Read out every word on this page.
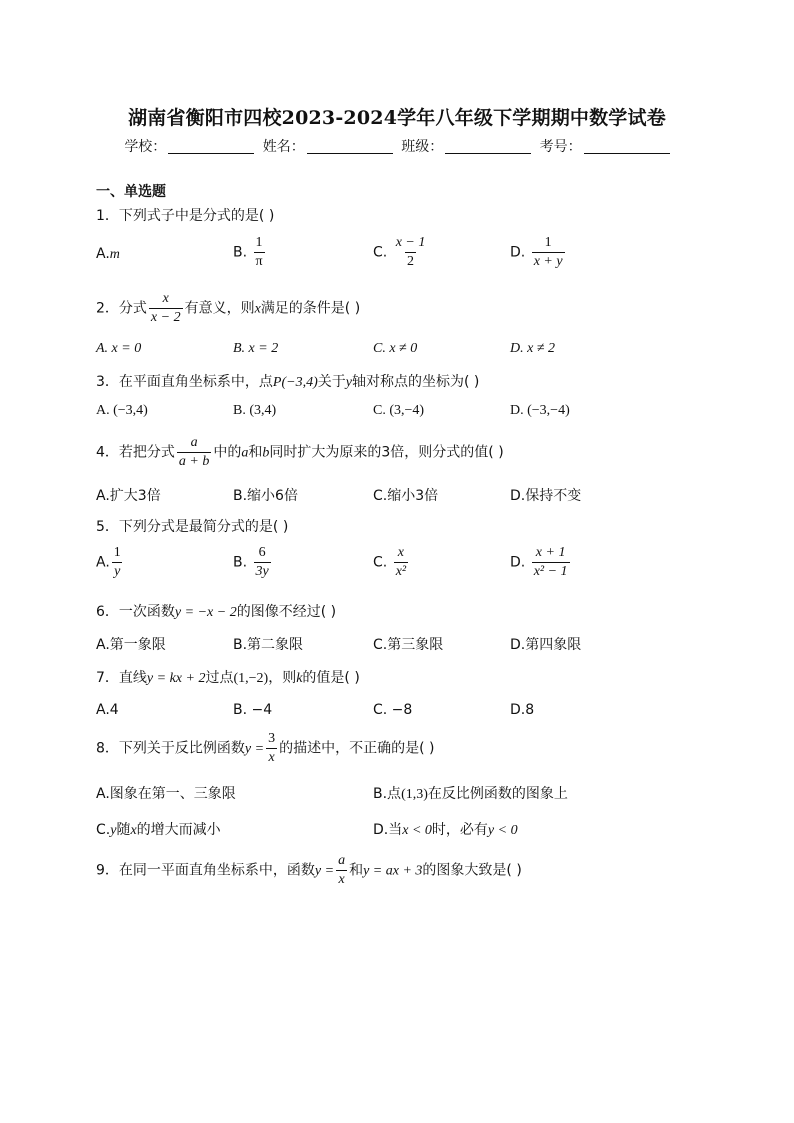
湖南省衡阳市四校2023-2024学年八年级下学期期中数学试卷
学校：	姓名：	班级：	考号：
一、单选题
1．下列式子中是分式的是( )
A.m	B. $\frac{1}{\pi}$	C. $\frac{x - 1}{2}$	D. $\frac{1}{x + y}$
2．分式 $\frac{x}{x - 2}$ 有意义，则x满足的条件是( )
A. x = 0	B. x = 2	C. x ≠ 0	D. x ≠ 2
3．在平面直角坐标系中，点P(−3,4)关于y轴对称点的坐标为( )
A. (−3,4)	B. (3,4)	C. (3,−4)	D. (−3,−4)
4．若把分式 $\frac{a}{a + b}$ 中的a和b同时扩大为原来的3倍，则分式的值( )
A.扩大3倍	B.缩小6倍	C.缩小3倍	D.保持不变
5．下列分式是最简分式的是( )
A. $\frac{1}{y}$	B. $\frac{6}{3y}$	C. $\frac{x}{\text{x²}}$	D. $\frac{x + 1}{\text{x² − 1}}$
6．一次函数y = −x − 2的图像不经过( )
A.第一象限	B.第二象限	C.第三象限	D.第四象限
7．直线y = kx + 2过点(1,−2)，则k的值是( )
A.4	B. −4	C. −8	D.8
8．下列关于反比例函数$y = \frac{3}{x}$ 的描述中，不正确的是( )
A.图象在第一、三象限	B.点(1,3)在反比例函数的图象上
C.y随x的增大而减小	D.当x < 0时，必有y < 0
9．在同一平面直角坐标系中，函数$y = \frac{a}{x}$ 和y = ax + 3的图象大致是( )
